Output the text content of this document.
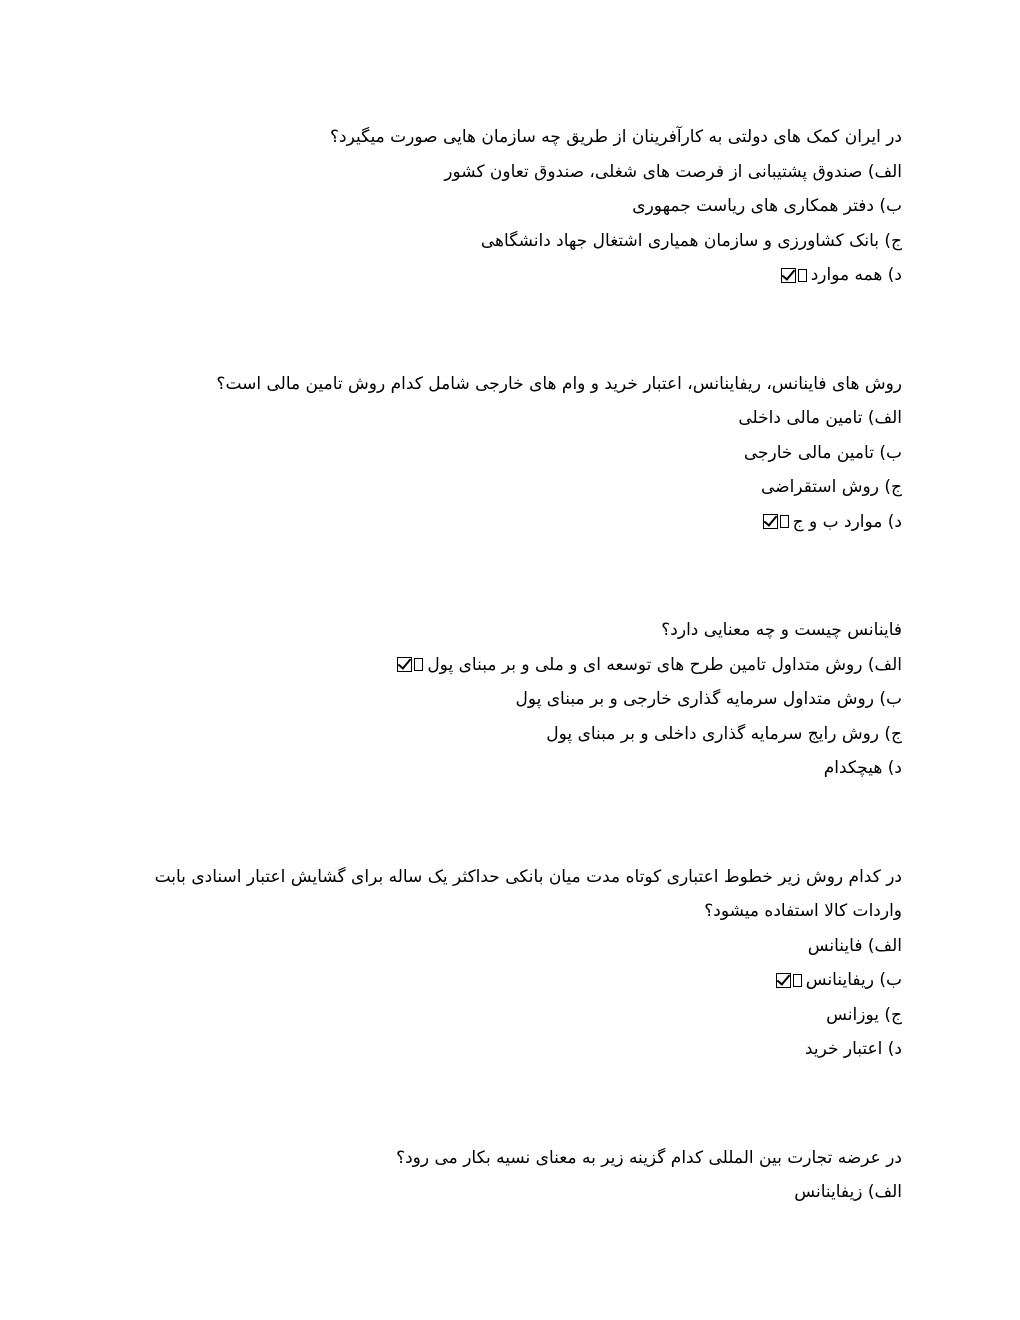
در ایران کمک های دولتی به کارآفرینان از طریق چه سازمان هایی صورت میگیرد؟

الف) صندوق پشتیبانی از فرصت های شغلی، صندوق تعاون کشور

ب) دفتر همکاری های ریاست جمهوری

ج) بانک کشاورزی و سازمان همیاری اشتغال جهاد دانشگاهی

د) همه موارد

روش های فاینانس، ریفاینانس، اعتبار خرید و وام های خارجی شامل کدام روش تامین مالی است؟

الف) تامین مالی داخلی

ب) تامین مالی خارجی

ج) روش استقراضی

د) موارد ب و ج

فاینانس چیست و چه معنایی دارد؟

الف) روش متداول تامین طرح های توسعه ای و ملی و بر مبنای پول

ب) روش متداول سرمایه گذاری خارجی و بر مبنای پول

ج) روش رایج سرمایه گذاری داخلی و بر مبنای پول

د) هیچکدام

در کدام روش زیر خطوط اعتباری کوتاه مدت میان بانکی حداکثر یک ساله برای گشایش اعتبار اسنادی بابت واردات کالا استفاده میشود؟

الف) فاینانس

ب) ریفاینانس

ج) یوزانس

د) اعتبار خرید

در عرضه تجارت بین المللی کدام گزینه زیر به معنای نسیه بکار می رود؟

الف) زیفاینانس
